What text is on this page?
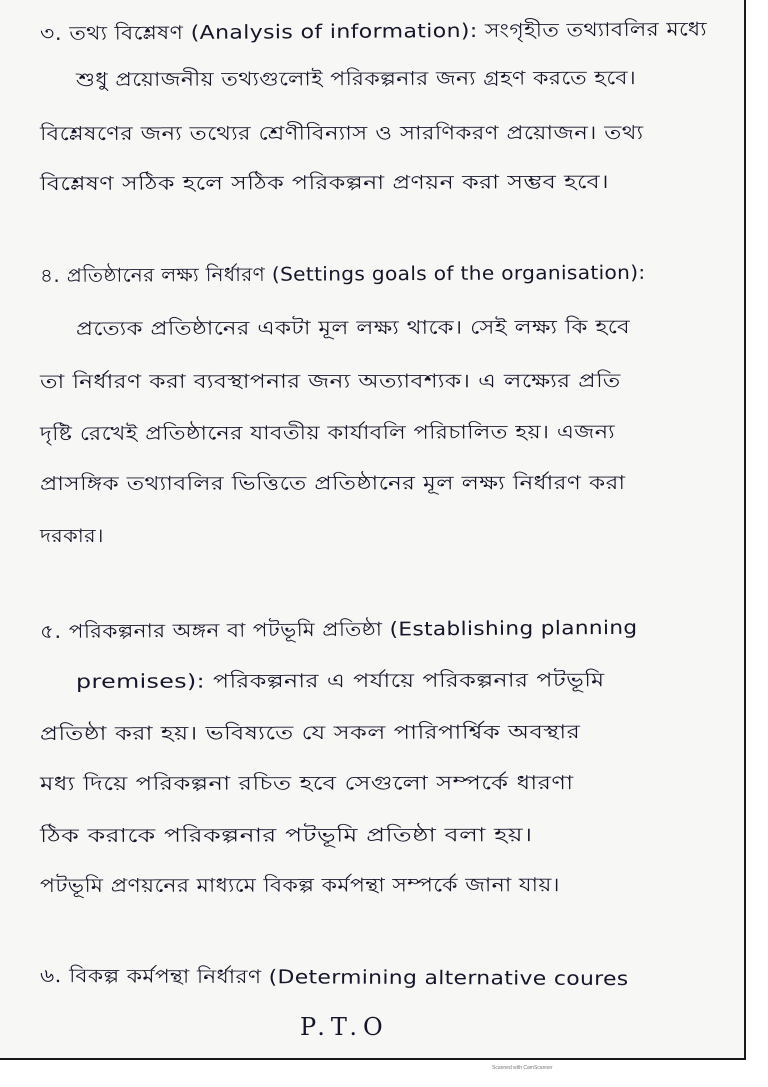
৩. তথ্য বিশ্লেষণ (Analysis of information): সংগৃহীত তথ্যাবলির মধ্যে
শুধু প্রয়োজনীয় তথ্যগুলোই পরিকল্পনার জন্য গ্রহণ করতে হবে।
বিশ্লেষণের জন্য তথ্যের শ্রেণীবিন্যাস ও সারণিকরণ প্রয়োজন। তথ্য
বিশ্লেষণ সঠিক হলে সঠিক পরিকল্পনা প্রণয়ন করা সম্ভব হবে।
৪. প্রতিষ্ঠানের লক্ষ্য নির্ধারণ (Settings goals of the organisation):
প্রত্যেক প্রতিষ্ঠানের একটা মূল লক্ষ্য থাকে। সেই লক্ষ্য কি হবে
তা নির্ধারণ করা ব্যবস্থাপনার জন্য অত্যাবশ্যক। এ লক্ষ্যের প্রতি
দৃষ্টি রেখেই প্রতিষ্ঠানের যাবতীয় কার্যাবলি পরিচালিত হয়। এজন্য
প্রাসঙ্গিক তথ্যাবলির ভিত্তিতে প্রতিষ্ঠানের মূল লক্ষ্য নির্ধারণ করা
দরকার।
৫. পরিকল্পনার অঙ্গন বা পটভূমি প্রতিষ্ঠা (Establishing planning
premises): পরিকল্পনার এ পর্যায়ে পরিকল্পনার পটভূমি
প্রতিষ্ঠা করা হয়। ভবিষ্যতে যে সকল পারিপার্শ্বিক অবস্থার
মধ্য দিয়ে পরিকল্পনা রচিত হবে সেগুলো সম্পর্কে ধারণা
ঠিক করাকে পরিকল্পনার পটভূমি প্রতিষ্ঠা বলা হয়।
পটভূমি প্রণয়নের মাধ্যমে বিকল্প কর্মপন্থা সম্পর্কে জানা যায়।
৬. বিকল্প কর্মপন্থা নির্ধারণ (Determining alternative coures
P.T.O
Scanned with CamScanner
